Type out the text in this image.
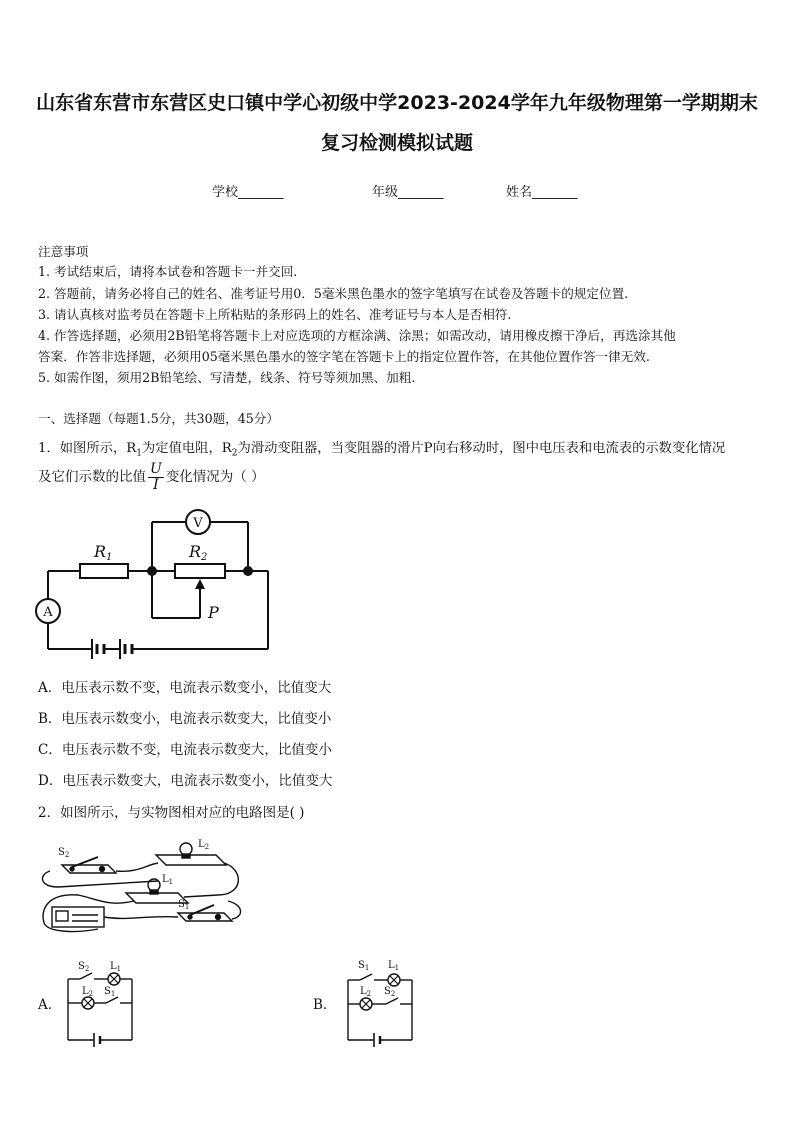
山东省东营市东营区史口镇中学心初级中学2023-2024学年九年级物理第一学期期末
复习检测模拟试题
学校_______	年级_______	姓名_______
注意事项
1. 考试结束后，请将本试卷和答题卡一并交回.
2. 答题前，请务必将自己的姓名、准考证号用0．5毫米黑色墨水的签字笔填写在试卷及答题卡的规定位置.
3. 请认真核对监考员在答题卡上所粘贴的条形码上的姓名、准考证号与本人是否相符.
4. 作答选择题，必须用2B铅笔将答题卡上对应选项的方框涂满、涂黑；如需改动，请用橡皮擦干净后，再选涂其他
答案．作答非选择题，必须用05毫米黑色墨水的签字笔在答题卡上的指定位置作答，在其他位置作答一律无效.
5. 如需作图，须用2B铅笔绘、写清楚，线条、符号等须加黑、加粗.
一、选择题（每题1.5分，共30题，45分）
1．如图所示，$R_1$为定值电阻，$R_2$为滑动变阻器，当变阻器的滑片P向右移动时，图中电压表和电流表的示数变化情况
及它们示数的比值 $\frac{U}{I}$ 变化情况为（ ）
V
A
R1	R2
P
A．电压表示数不变，电流表示数变小，比值变大
B．电压表示数变小，电流表示数变大，比值变小
C．电压表示数不变，电流表示数变大，比值变小
D．电压表示数变大，电流表示数变小，比值变大
2．如图所示，与实物图相对应的电路图是( )
$S_2$
$L_2$
$L_1$
$S_1$
A．
$S_2$ $L_1$
$L_2$ $S_1$
B．
$S_1$ $L_1$
$L_2$ $S_2$
